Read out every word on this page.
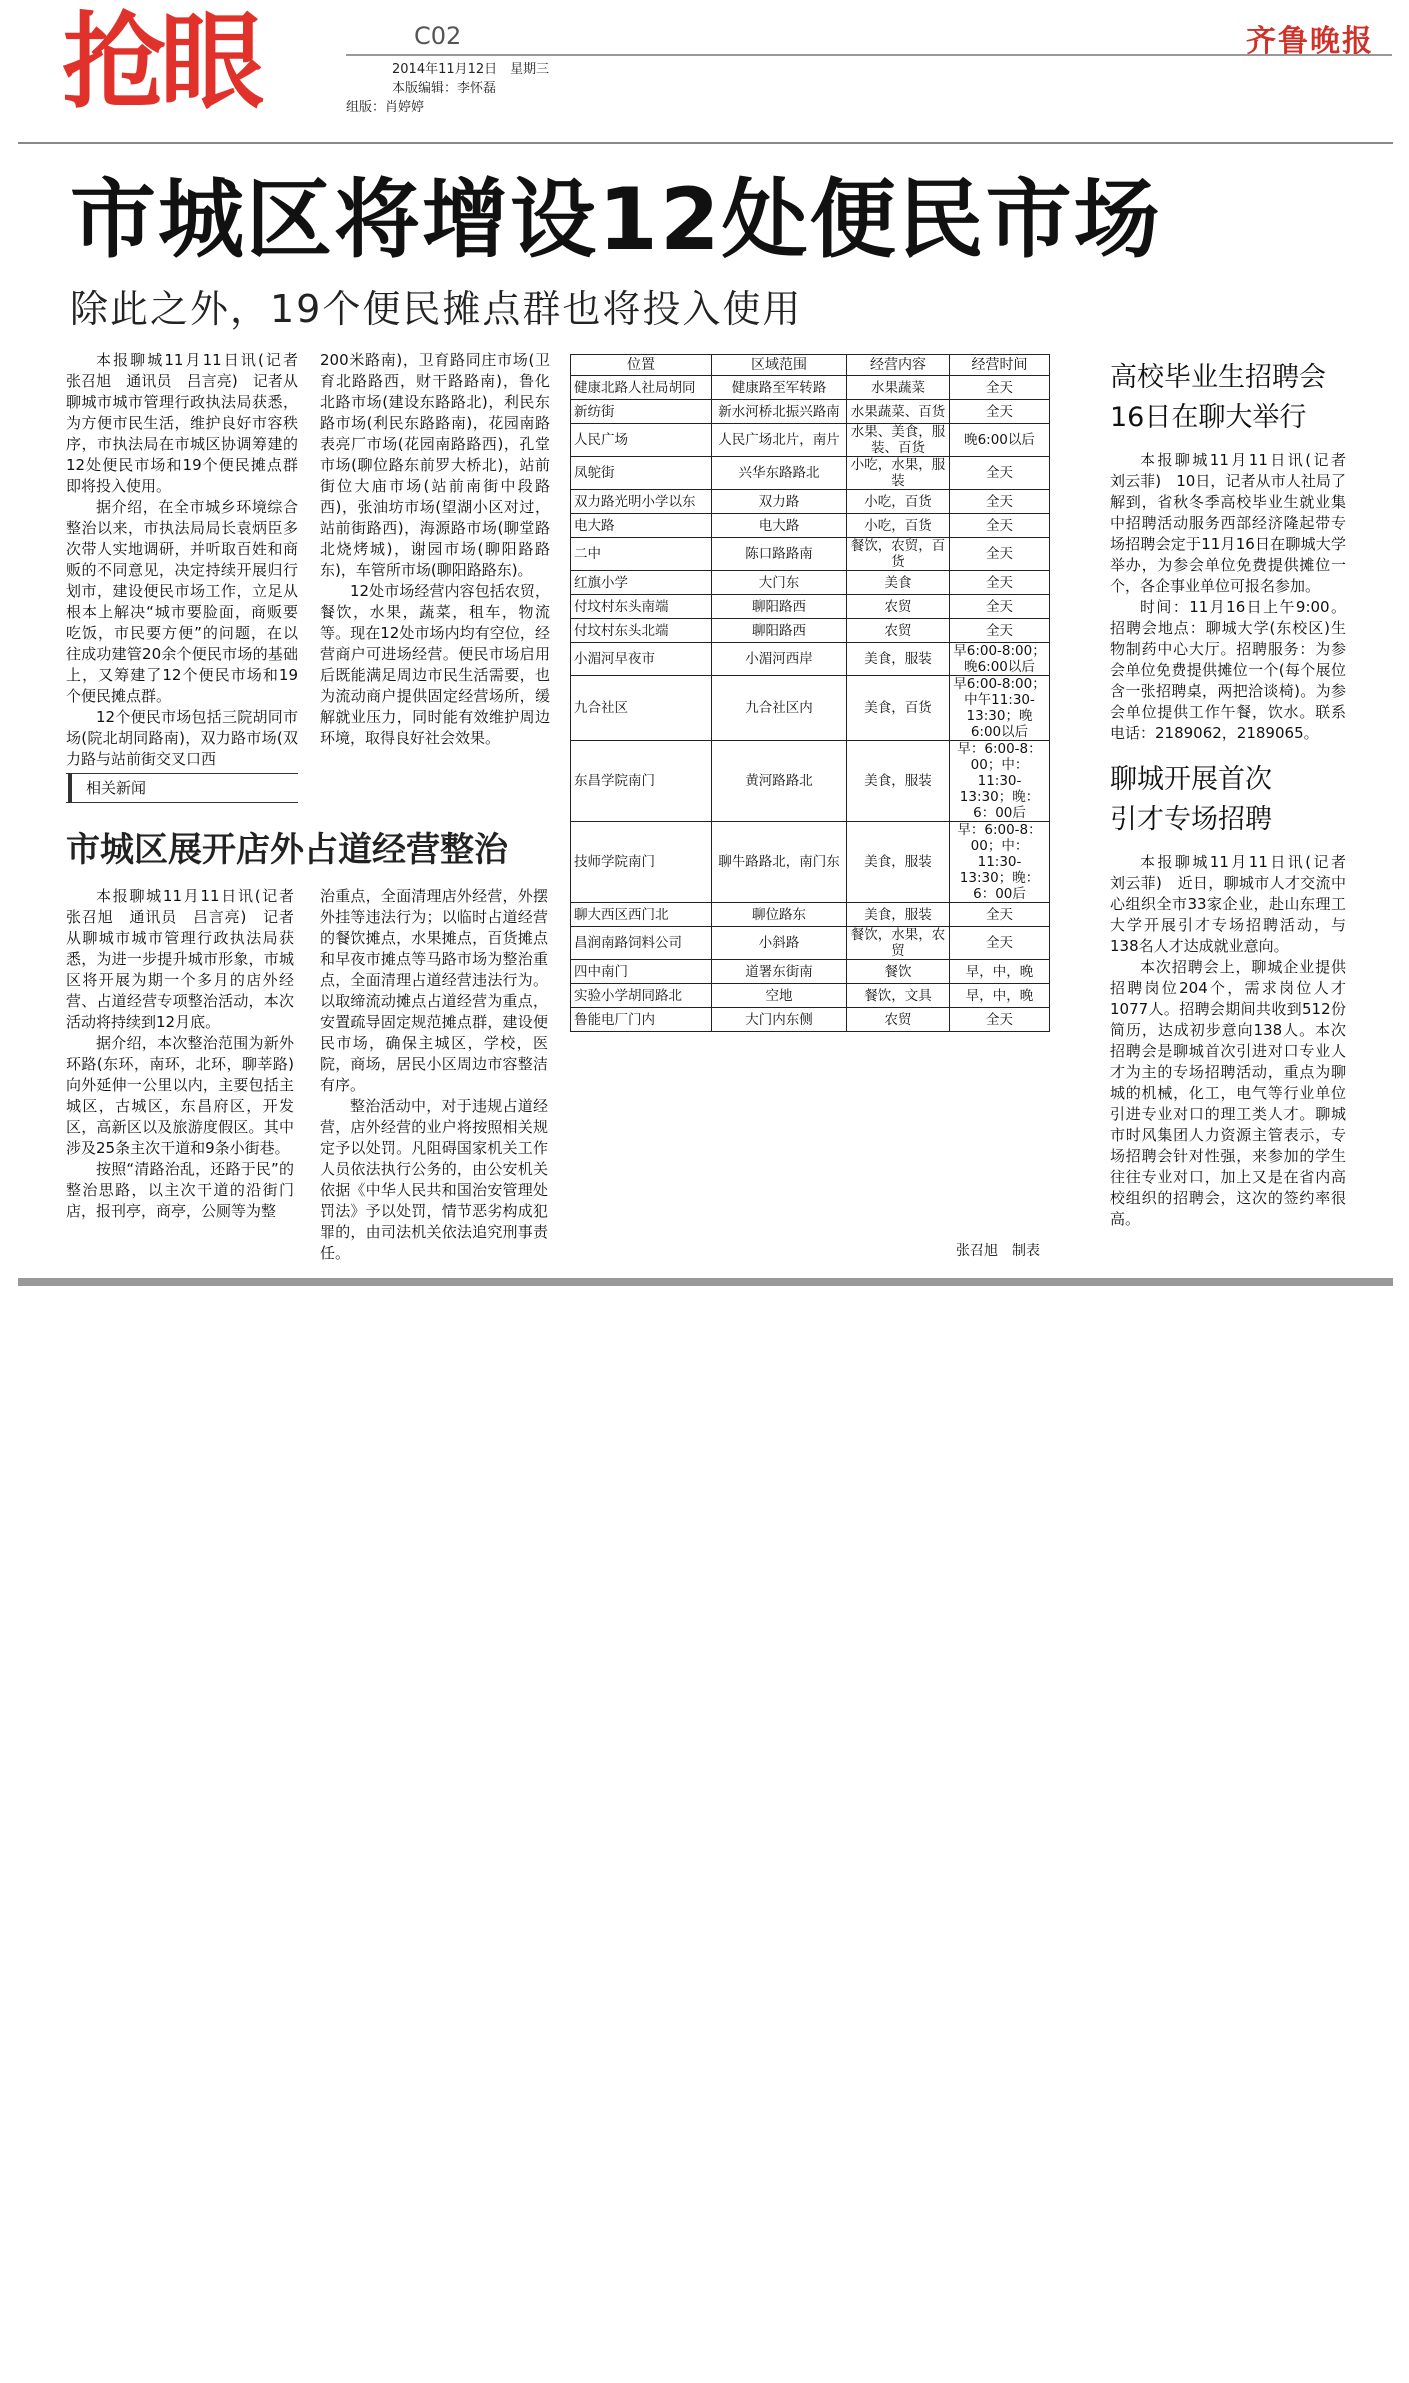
抢眼	C02
2014年11月12日　星期三
本版编辑：李怀磊
组版：肖婷婷
齐鲁晚报
市城区将增设12处便民市场
除此之外，19个便民摊点群也将投入使用

本报聊城11月11日讯(记者　张召旭　通讯员　吕言亮)　记者从聊城市城市管理行政执法局获悉，为方便市民生活，维护良好市容秩序，市执法局在市城区协调筹建的12处便民市场和19个便民摊点群即将投入使用。

据介绍，在全市城乡环境综合整治以来，市执法局局长袁炳臣多次带人实地调研，并听取百姓和商贩的不同意见，决定持续开展归行划市，建设便民市场工作，立足从根本上解决“城市要脸面，商贩要吃饭，市民要方便”的问题，在以往成功建管20余个便民市场的基础上，又筹建了12个便民市场和19个便民摊点群。

12个便民市场包括三院胡同市场(院北胡同路南)，双力路市场(双力路与站前街交叉口西

200米路南)，卫育路同庄市场(卫育北路路西，财干路路南)，鲁化北路市场(建设东路路北)，利民东路市场(利民东路路南)，花园南路表亮厂市场(花园南路路西)，孔堂市场(聊位路东前罗大桥北)，站前街位大庙市场(站前南街中段路西)，张油坊市场(望湖小区对过，站前街路西)，海源路市场(聊堂路北烧烤城)，谢园市场(聊阳路路东)，车管所市场(聊阳路路东)。

12处市场经营内容包括农贸，餐饮，水果，蔬菜，租车，物流等。现在12处市场内均有空位，经营商户可进场经营。便民市场启用后既能满足周边市民生活需要，也为流动商户提供固定经营场所，缓解就业压力，同时能有效维护周边环境，取得良好社会效果。

相关新闻
市城区展开店外占道经营整治

本报聊城11月11日讯(记者　张召旭　通讯员　吕言亮)　记者从聊城市城市管理行政执法局获悉，为进一步提升城市形象，市城区将开展为期一个多月的店外经营、占道经营专项整治活动，本次活动将持续到12月底。

据介绍，本次整治范围为新外环路(东环，南环，北环，聊莘路)向外延伸一公里以内，主要包括主城区，古城区，东昌府区，开发区，高新区以及旅游度假区。其中涉及25条主次干道和9条小街巷。

按照“清路治乱，还路于民”的整治思路，以主次干道的沿街门店，报刊亭，商亭，公厕等为整

治重点，全面清理店外经营，外摆外挂等违法行为；以临时占道经营的餐饮摊点，水果摊点，百货摊点和早夜市摊点等马路市场为整治重点，全面清理占道经营违法行为。以取缔流动摊点占道经营为重点，安置疏导固定规范摊点群，建设便民市场，确保主城区，学校，医院，商场，居民小区周边市容整洁有序。

整治活动中，对于违规占道经营，店外经营的业户将按照相关规定予以处罚。凡阻碍国家机关工作人员依法执行公务的，由公安机关依据《中华人民共和国治安管理处罚法》予以处罚，情节恶劣构成犯罪的，由司法机关依法追究刑事责任。

位置	区域范围	经营内容	经营时间
健康北路人社局胡同	健康路至军转路	水果蔬菜	全天
新纺街	新水河桥北振兴路南	水果蔬菜、百货	全天
人民广场	人民广场北片，南片	水果、美食，服装、百货	晚6:00以后
凤鸵街	兴华东路路北	小吃，水果，服装	全天
双力路光明小学以东	双力路	小吃，百货	全天
电大路	电大路	小吃，百货	全天
二中	陈口路路南	餐饮，农贸，百货	全天
红旗小学	大门东	美食	全天
付坟村东头南端	聊阳路西	农贸	全天
付坟村东头北端	聊阳路西	农贸	全天
小湄河早夜市	小湄河西岸	美食，服装	早6:00-8:00；晚6:00以后
九合社区	九合社区内	美食，百货	早6:00-8:00；中午11:30-13:30；晚6:00以后
东昌学院南门	黄河路路北	美食，服装	早：6:00-8：00；中：11:30-13:30；晚：6：00后
技师学院南门	聊牛路路北，南门东	美食，服装	早：6:00-8：00；中：11:30-13:30；晚：6：00后
聊大西区西门北	聊位路东	美食，服装	全天
昌润南路饲料公司	小斜路	餐饮，水果，农贸	全天
四中南门	道署东街南	餐饮	早，中，晚
实验小学胡同路北	空地	餐饮，文具	早，中，晚
鲁能电厂门内	大门内东侧	农贸	全天
张召旭　制表
高校毕业生招聘会
16日在聊大举行

本报聊城11月11日讯(记者　刘云菲)　10日，记者从市人社局了解到，省秋冬季高校毕业生就业集中招聘活动服务西部经济隆起带专场招聘会定于11月16日在聊城大学举办，为参会单位免费提供摊位一个，各企事业单位可报名参加。

时间：11月16日上午9:00。招聘会地点：聊城大学(东校区)生物制药中心大厅。招聘服务：为参会单位免费提供摊位一个(每个展位含一张招聘桌，两把洽谈椅)。为参会单位提供工作午餐，饮水。联系电话：2189062，2189065。

聊城开展首次
引才专场招聘

本报聊城11月11日讯(记者　刘云菲)　近日，聊城市人才交流中心组织全市33家企业，赴山东理工大学开展引才专场招聘活动，与138名人才达成就业意向。

本次招聘会上，聊城企业提供招聘岗位204个，需求岗位人才1077人。招聘会期间共收到512份简历，达成初步意向138人。本次招聘会是聊城首次引进对口专业人才为主的专场招聘活动，重点为聊城的机械，化工，电气等行业单位引进专业对口的理工类人才。聊城市时风集团人力资源主管表示，专场招聘会针对性强，来参加的学生往往专业对口，加上又是在省内高校组织的招聘会，这次的签约率很高。
